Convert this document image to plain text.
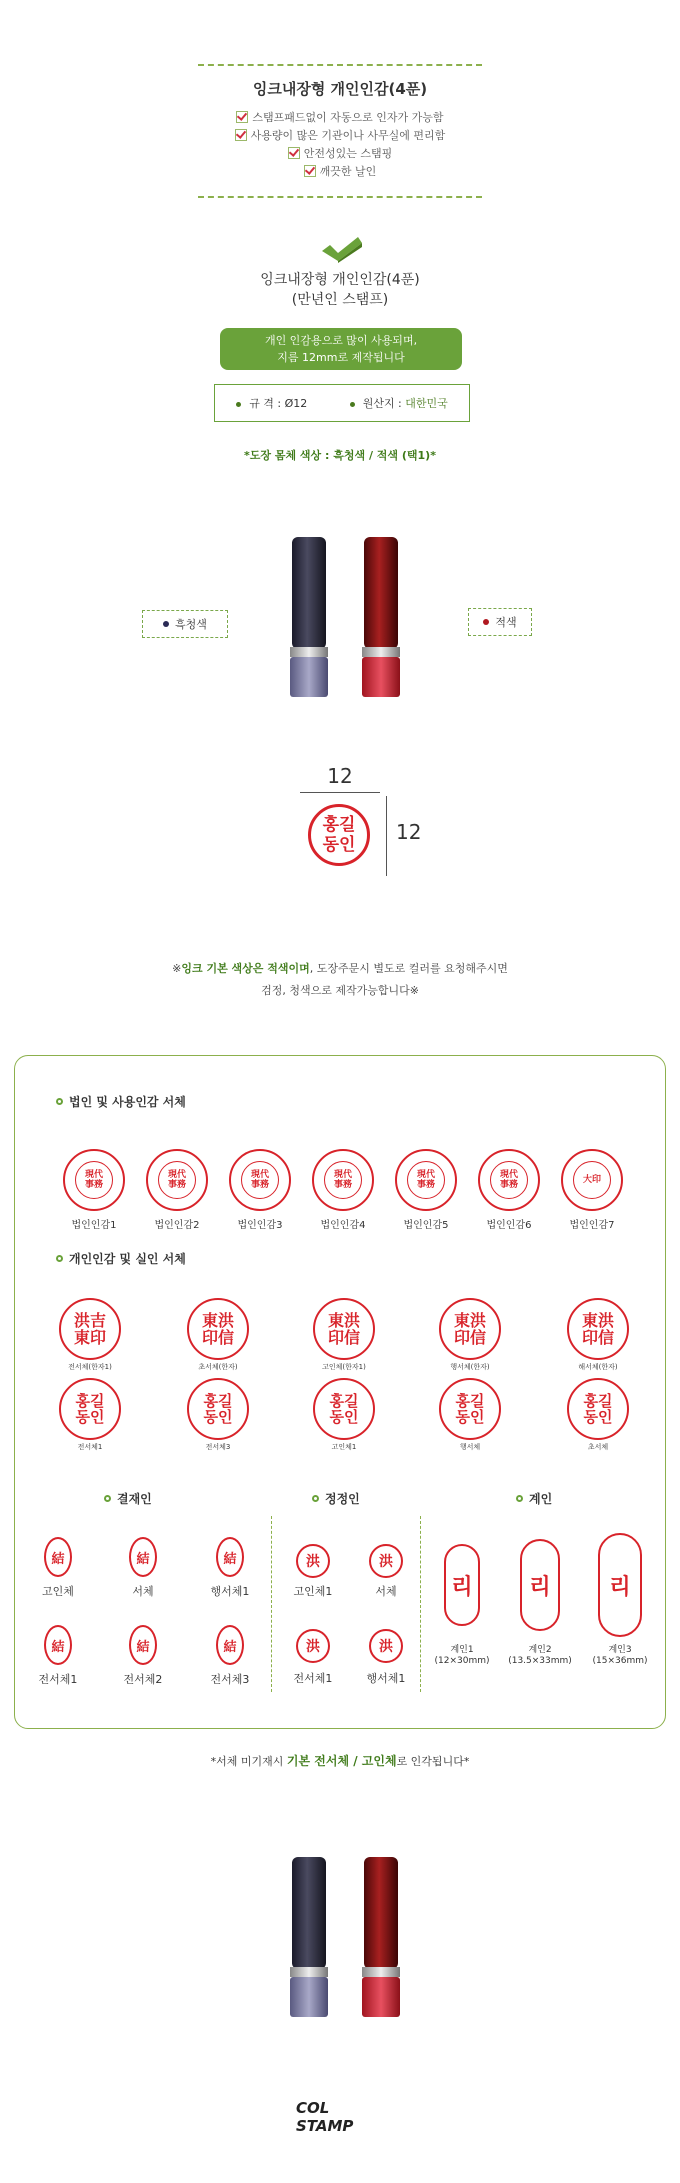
잉크내장형 개인인감(4푼)
스탬프패드없이 자동으로 인자가 가능함
사용량이 많은 기관이나 사무실에 편리함
안전성있는 스탬핑
깨끗한 날인
잉크내장형 개인인감(4푼)
(만년인 스탬프)
개인 인감용으로 많이 사용되며,
지름 12mm로 제작됩니다
규 격 : Ø12	원산지 : 대한민국
*도장 몸체 색상 : 흑청색 / 적색 (택1)*
흑청색	적색
12
12
홍길
동인
※잉크 기본 색상은 적색이며, 도장주문시 별도로 컬러를 요청해주시면
검정, 청색으로 제작가능합니다※
법인 및 사용인감 서체
現代
事務
법인인감1
現代
事務
법인인감2
現代
事務
법인인감3
現代
事務
법인인감4
現代
事務
법인인감5
現代
事務
법인인감6
大印
법인인감7
개인인감 및 실인 서체
洪吉
東印
전서체(한자1)
東洪
印信
초서체(한자)
東洪
印信
고인체(한자1)
東洪
印信
행서체(한자)
東洪
印信
해서체(한자)
홍길
동인
전서체1
홍길
동인
전서체3
홍길
동인
고인체1
홍길
동인
행서체
홍길
동인
초서체
결재인	정정인	계인
結
고인체
結
서체
結
행서체1
結
전서체1
結
전서체2
結
전서체3
洪
고인체1
洪
서체
洪
전서체1
洪
행서체1
리
계인1
(12×30mm)
리
계인2
(13.5×33mm)
리
계인3
(15×36mm)
*서체 미기재시 기본 전서체 / 고인체로 인각됩니다*
COL STAMP
